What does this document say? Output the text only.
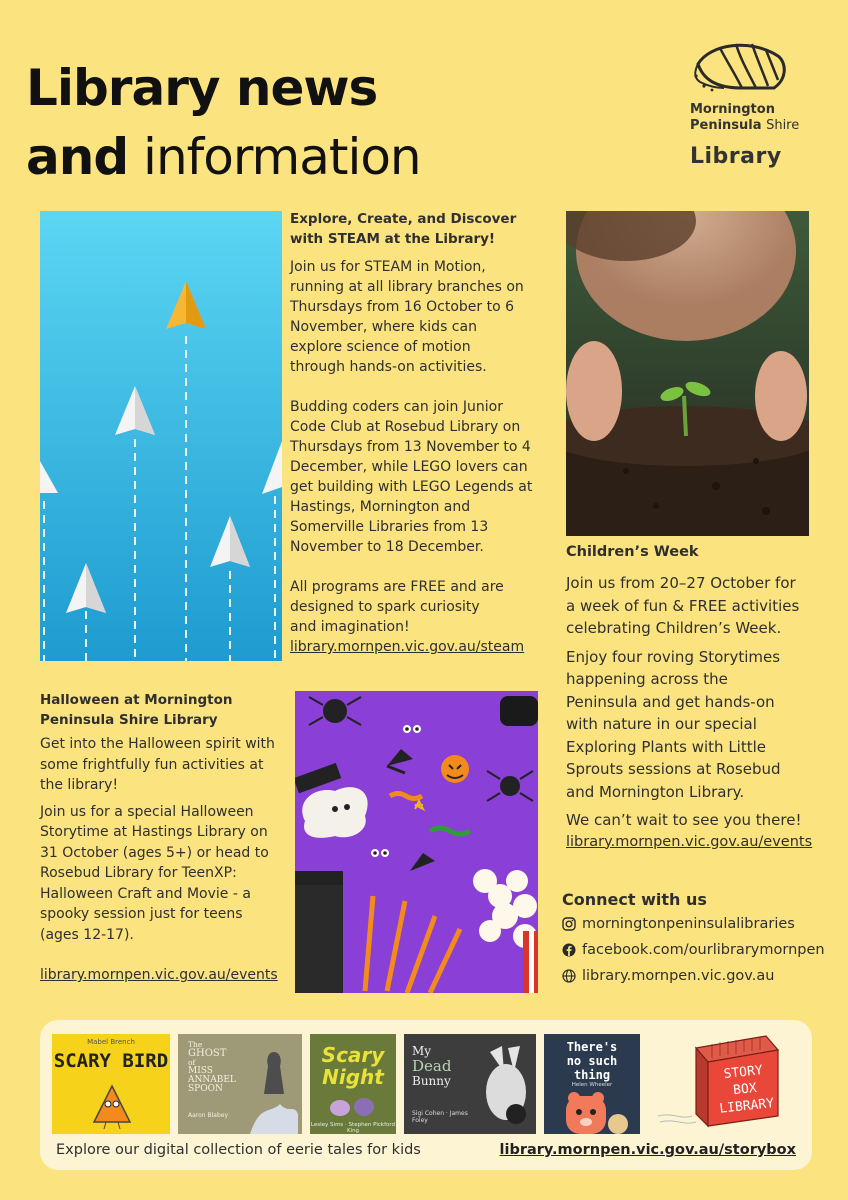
Library news
and information
Mornington
Peninsula Shire
Library
Explore, Create, and Discover
with STEAM at the Library!
Join us for STEAM in Motion,
running at all library branches on
Thursdays from 16 October to 6
November, where kids can
explore science of motion
through hands-on activities.
Budding coders can join Junior
Code Club at Rosebud Library on
Thursdays from 13 November to 4
December, while LEGO lovers can
get building with LEGO Legends at
Hastings, Mornington and
Somerville Libraries from 13
November to 18 December.
All programs are FREE and are
designed to spark curiosity
and imagination!
library.mornpen.vic.gov.au/steam
Children’s Week
Join us from 20–27 October for
a week of fun & FREE activities
celebrating Children’s Week.
Enjoy four roving Storytimes
happening across the
Peninsula and get hands-on
with nature in our special
Exploring Plants with Little
Sprouts sessions at Rosebud
and Mornington Library.
We can’t wait to see you there!
library.mornpen.vic.gov.au/events
Halloween at Mornington
Peninsula Shire Library
Get into the Halloween spirit with
some frightfully fun activities at
the library!
Join us for a special Halloween
Storytime at Hastings Library on
31 October (ages 5+) or head to
Rosebud Library for TeenXP:
Halloween Craft and Movie - a
spooky session just for teens
(ages 12-17).
library.mornpen.vic.gov.au/events
Connect with us
morningtonpeninsulalibraries
facebook.com/ourlibrarymornpen
library.mornpen.vic.gov.au
Mabel Brench
SCARY BIRD
The
GHOST
of
MISS
ANNABEL
SPOON
Aaron Blabey
Scary
Night
Lesley Sims · Stephen Pickford King
My
Dead
Bunny
Sigi Cohen · James Foley
There's
no such
thing
Helen Wheeler
STORY
BOX
LIBRARY
Explore our digital collection of eerie tales for kids	library.mornpen.vic.gov.au/storybox
